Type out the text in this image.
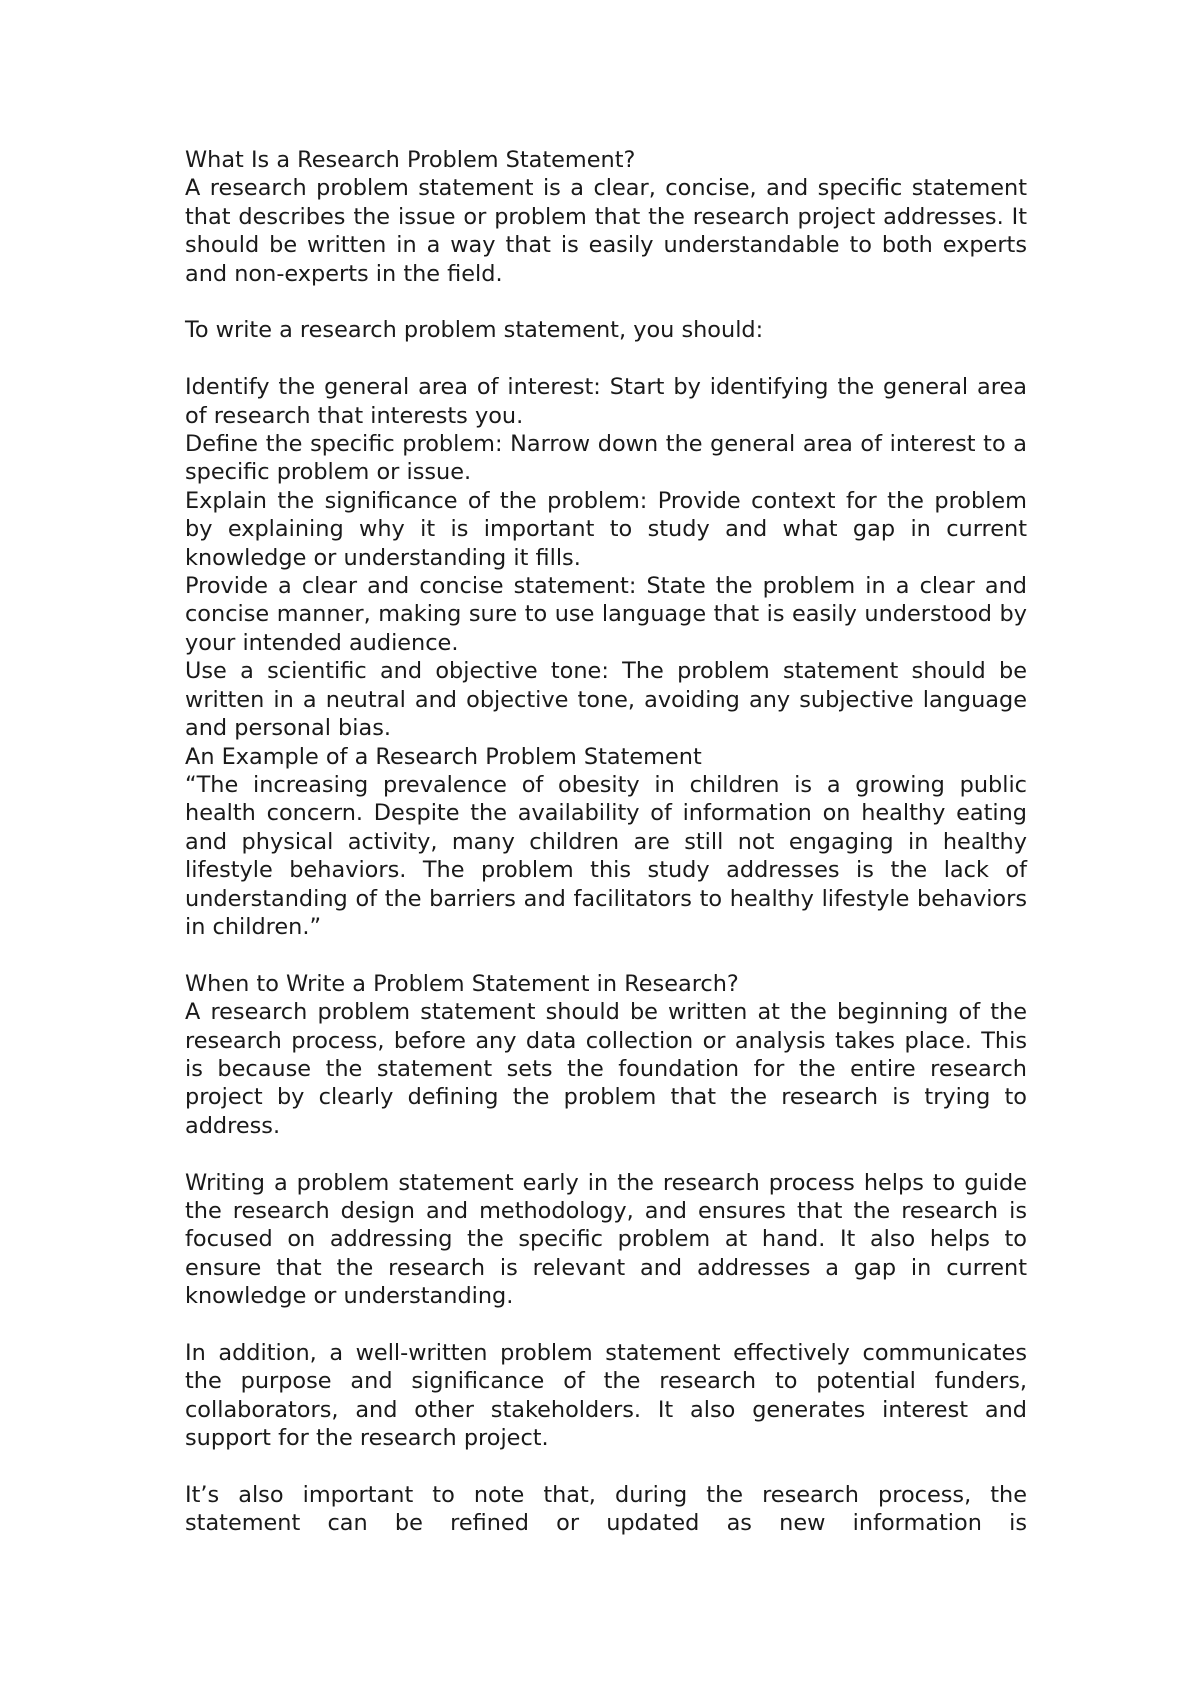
What Is a Research Problem Statement?

A research problem statement is a clear, concise, and specific statement that describes the issue or problem that the research project addresses. It should be written in a way that is easily understandable to both experts and non-experts in the field.

To write a research problem statement, you should:

Identify the general area of interest: Start by identifying the general area of research that interests you.

Define the specific problem: Narrow down the general area of interest to a specific problem or issue.

Explain the significance of the problem: Provide context for the problem by explaining why it is important to study and what gap in current knowledge or understanding it fills.

Provide a clear and concise statement: State the problem in a clear and concise manner, making sure to use language that is easily understood by your intended audience.

Use a scientific and objective tone: The problem statement should be written in a neutral and objective tone, avoiding any subjective language and personal bias.

An Example of a Research Problem Statement

“The increasing prevalence of obesity in children is a growing public health concern. Despite the availability of information on healthy eating and physical activity, many children are still not engaging in healthy lifestyle behaviors. The problem this study addresses is the lack of understanding of the barriers and facilitators to healthy lifestyle behaviors in children.”

When to Write a Problem Statement in Research?

A research problem statement should be written at the beginning of the research process, before any data collection or analysis takes place. This is because the statement sets the foundation for the entire research project by clearly defining the problem that the research is trying to address.

Writing a problem statement early in the research process helps to guide the research design and methodology, and ensures that the research is focused on addressing the specific problem at hand. It also helps to ensure that the research is relevant and addresses a gap in current knowledge or understanding.

In addition, a well-written problem statement effectively communicates the purpose and significance of the research to potential funders, collaborators, and other stakeholders. It also generates interest and support for the research project.

It’s also important to note that, during the research process, the statement can be refined or updated as new information is
